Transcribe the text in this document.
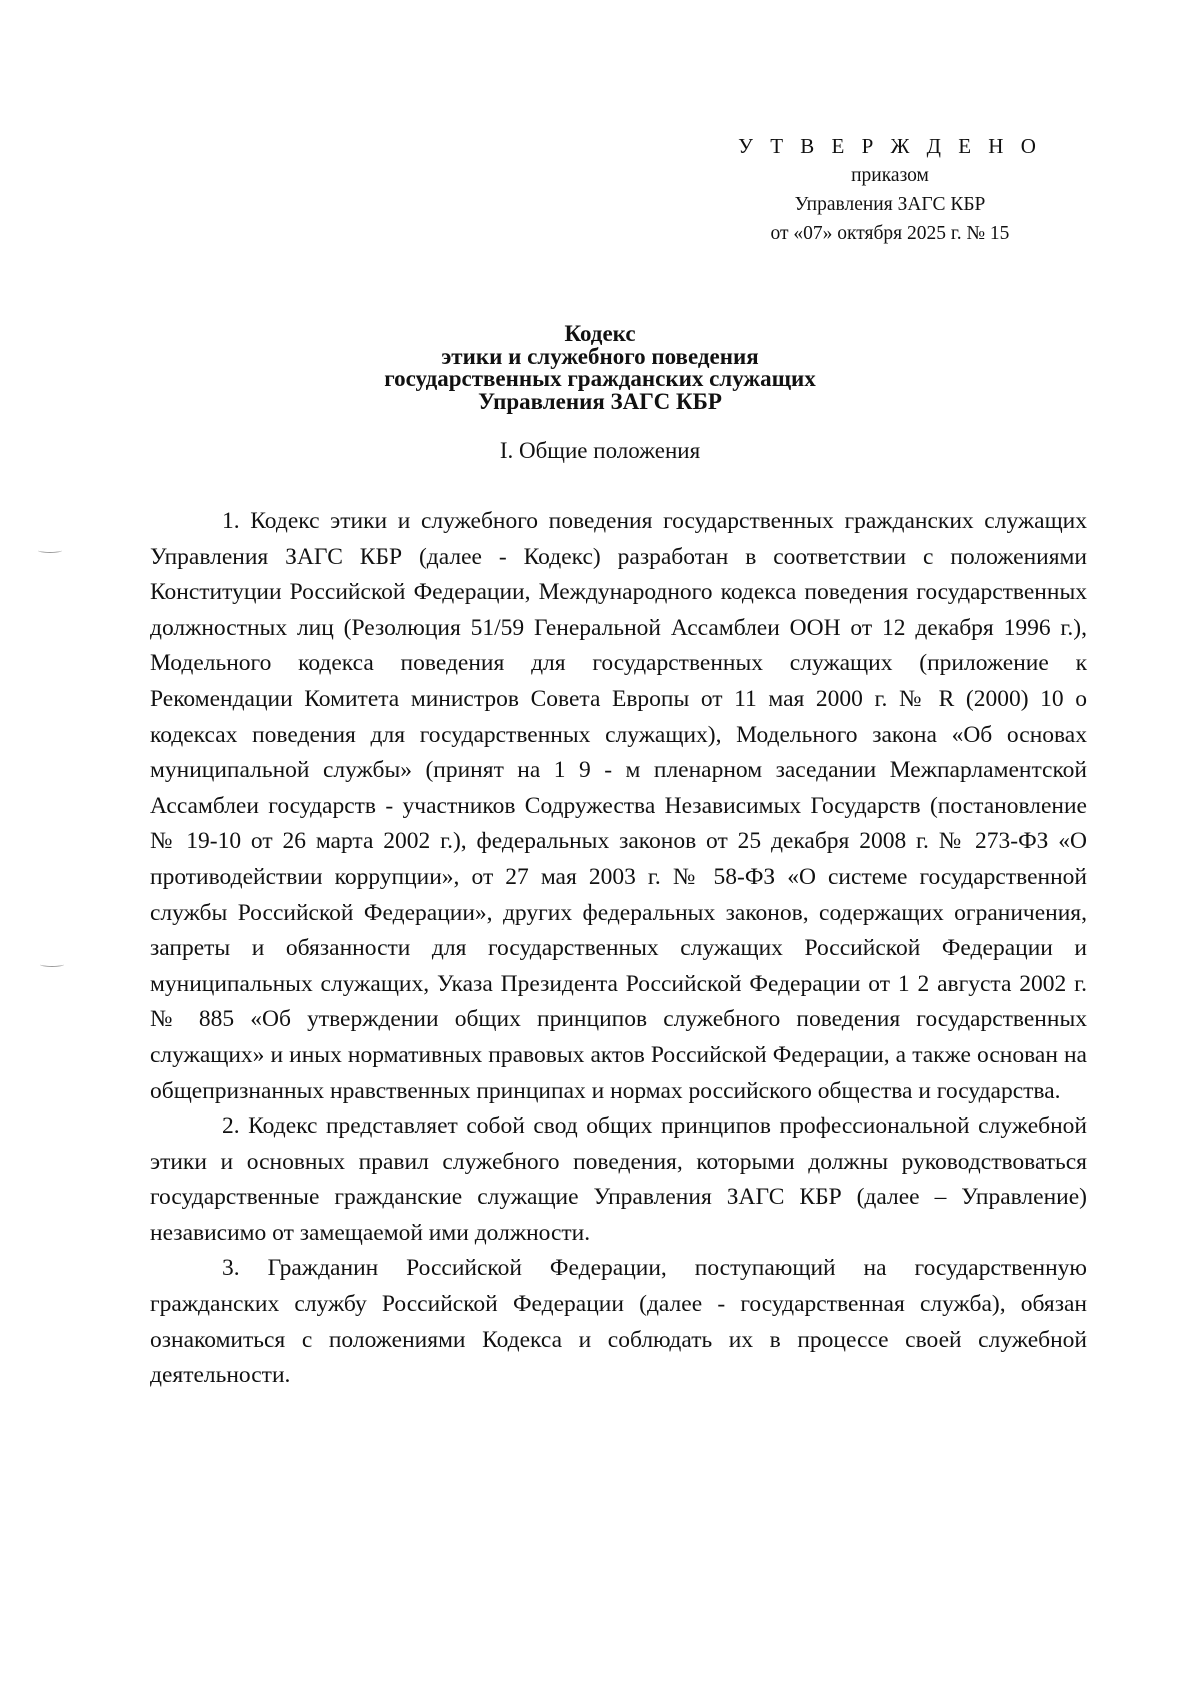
У Т В Е Р Ж Д Е Н О
приказом
Управления ЗАГС КБР
от «07» октября 2025 г. № 15
Кодекс
этики и служебного поведения
государственных гражданских служащих
Управления ЗАГС КБР
I. Общие положения

1. Кодекс этики и служебного поведения государственных гражданских служащих Управления ЗАГС КБР (далее - Кодекс) разработан в соответствии с положениями Конституции Российской Федерации, Международного кодекса поведения государственных должностных лиц (Резолюция 51/59 Генеральной Ассамблеи ООН от 12 декабря 1996 г.), Модельного кодекса поведения для государственных служащих (приложение к Рекомендации Комитета министров Совета Европы от 11 мая 2000 г. № R (2000) 10 о кодексах поведения для государственных служащих), Модельного закона «Об основах муниципальной службы» (принят на 1 9 - м пленарном заседании Межпарламентской Ассамблеи государств - участников Содружества Независимых Государств (постановление № 19-10 от 26 марта 2002 г.), федеральных законов от 25 декабря 2008 г. № 273-ФЗ «О противодействии коррупции», от 27 мая 2003 г. № 58-ФЗ «О системе государственной службы Российской Федерации», других федеральных законов, содержащих ограничения, запреты и обязанности для государственных служащих Российской Федерации и муниципальных служащих, Указа Президента Российской Федерации от 1 2 августа 2002 г. № 885 «Об утверждении общих принципов служебного поведения государственных служащих» и иных нормативных правовых актов Российской Федерации, а также основан на общепризнанных нравственных принципах и нормах российского общества и государства.

2. Кодекс представляет собой свод общих принципов профессиональной служебной этики и основных правил служебного поведения, которыми должны руководствоваться государственные гражданские служащие Управления ЗАГС КБР (далее – Управление) независимо от замещаемой ими должности.

3. Гражданин Российской Федерации, поступающий на государственную гражданских службу Российской Федерации (далее - государственная служба), обязан ознакомиться с положениями Кодекса и соблюдать их в процессе своей служебной деятельности.
